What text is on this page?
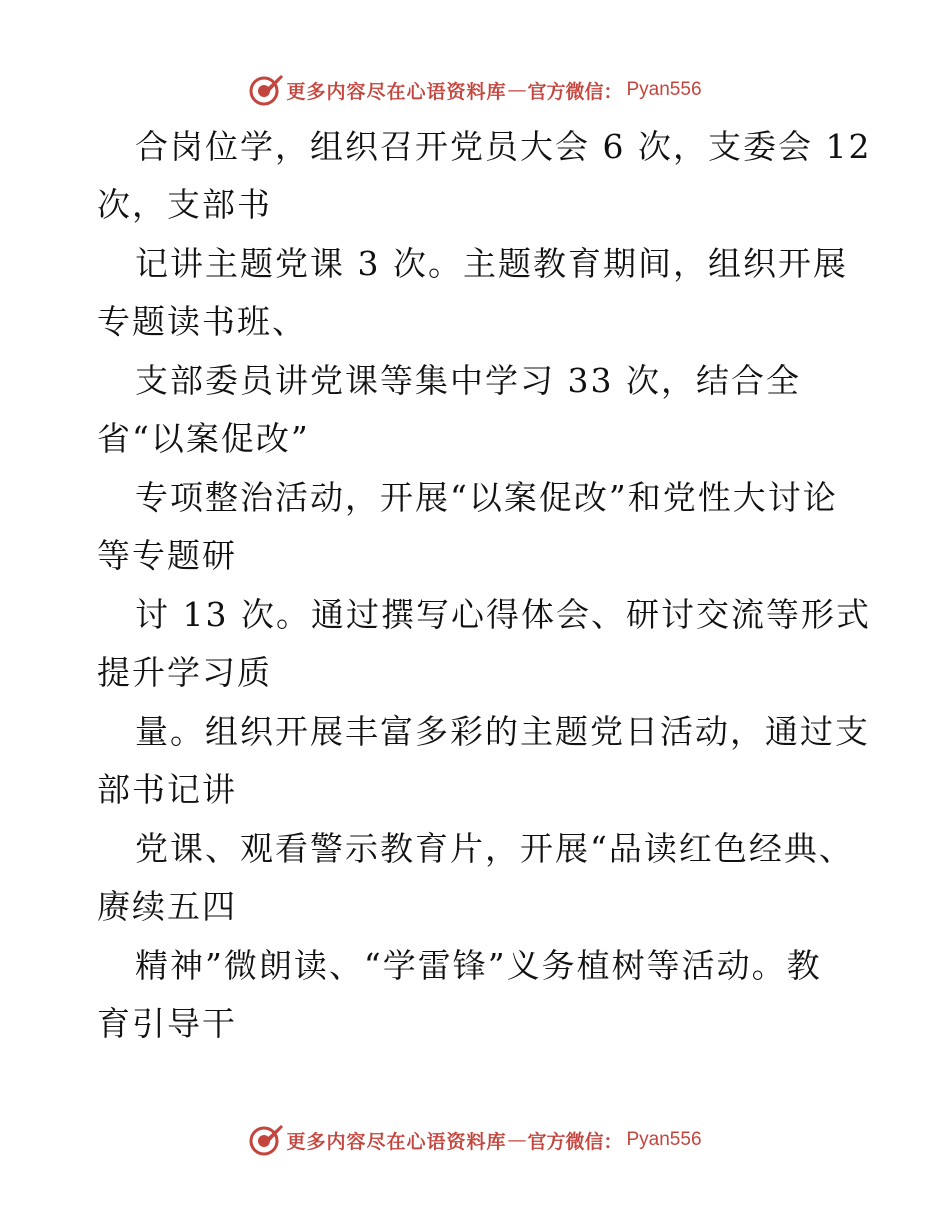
更多内容尽在心语资料库 — 官方微信： Pyan556
合岗位学，组织召开党员大会 6 次，支委会 12
次，支部书
记讲主题党课 3 次。主题教育期间，组织开展
专题读书班、
支部委员讲党课等集中学习 33 次，结合全
省“以案促改”
专项整治活动，开展“以案促改”和党性大讨论
等专题研
讨 13 次。通过撰写心得体会、研讨交流等形式
提升学习质
量。组织开展丰富多彩的主题党日活动，通过支
部书记讲
党课、观看警示教育片，开展“品读红色经典、
赓续五四
精神”微朗读、“学雷锋”义务植树等活动。教
育引导干
更多内容尽在心语资料库 — 官方微信： Pyan556
